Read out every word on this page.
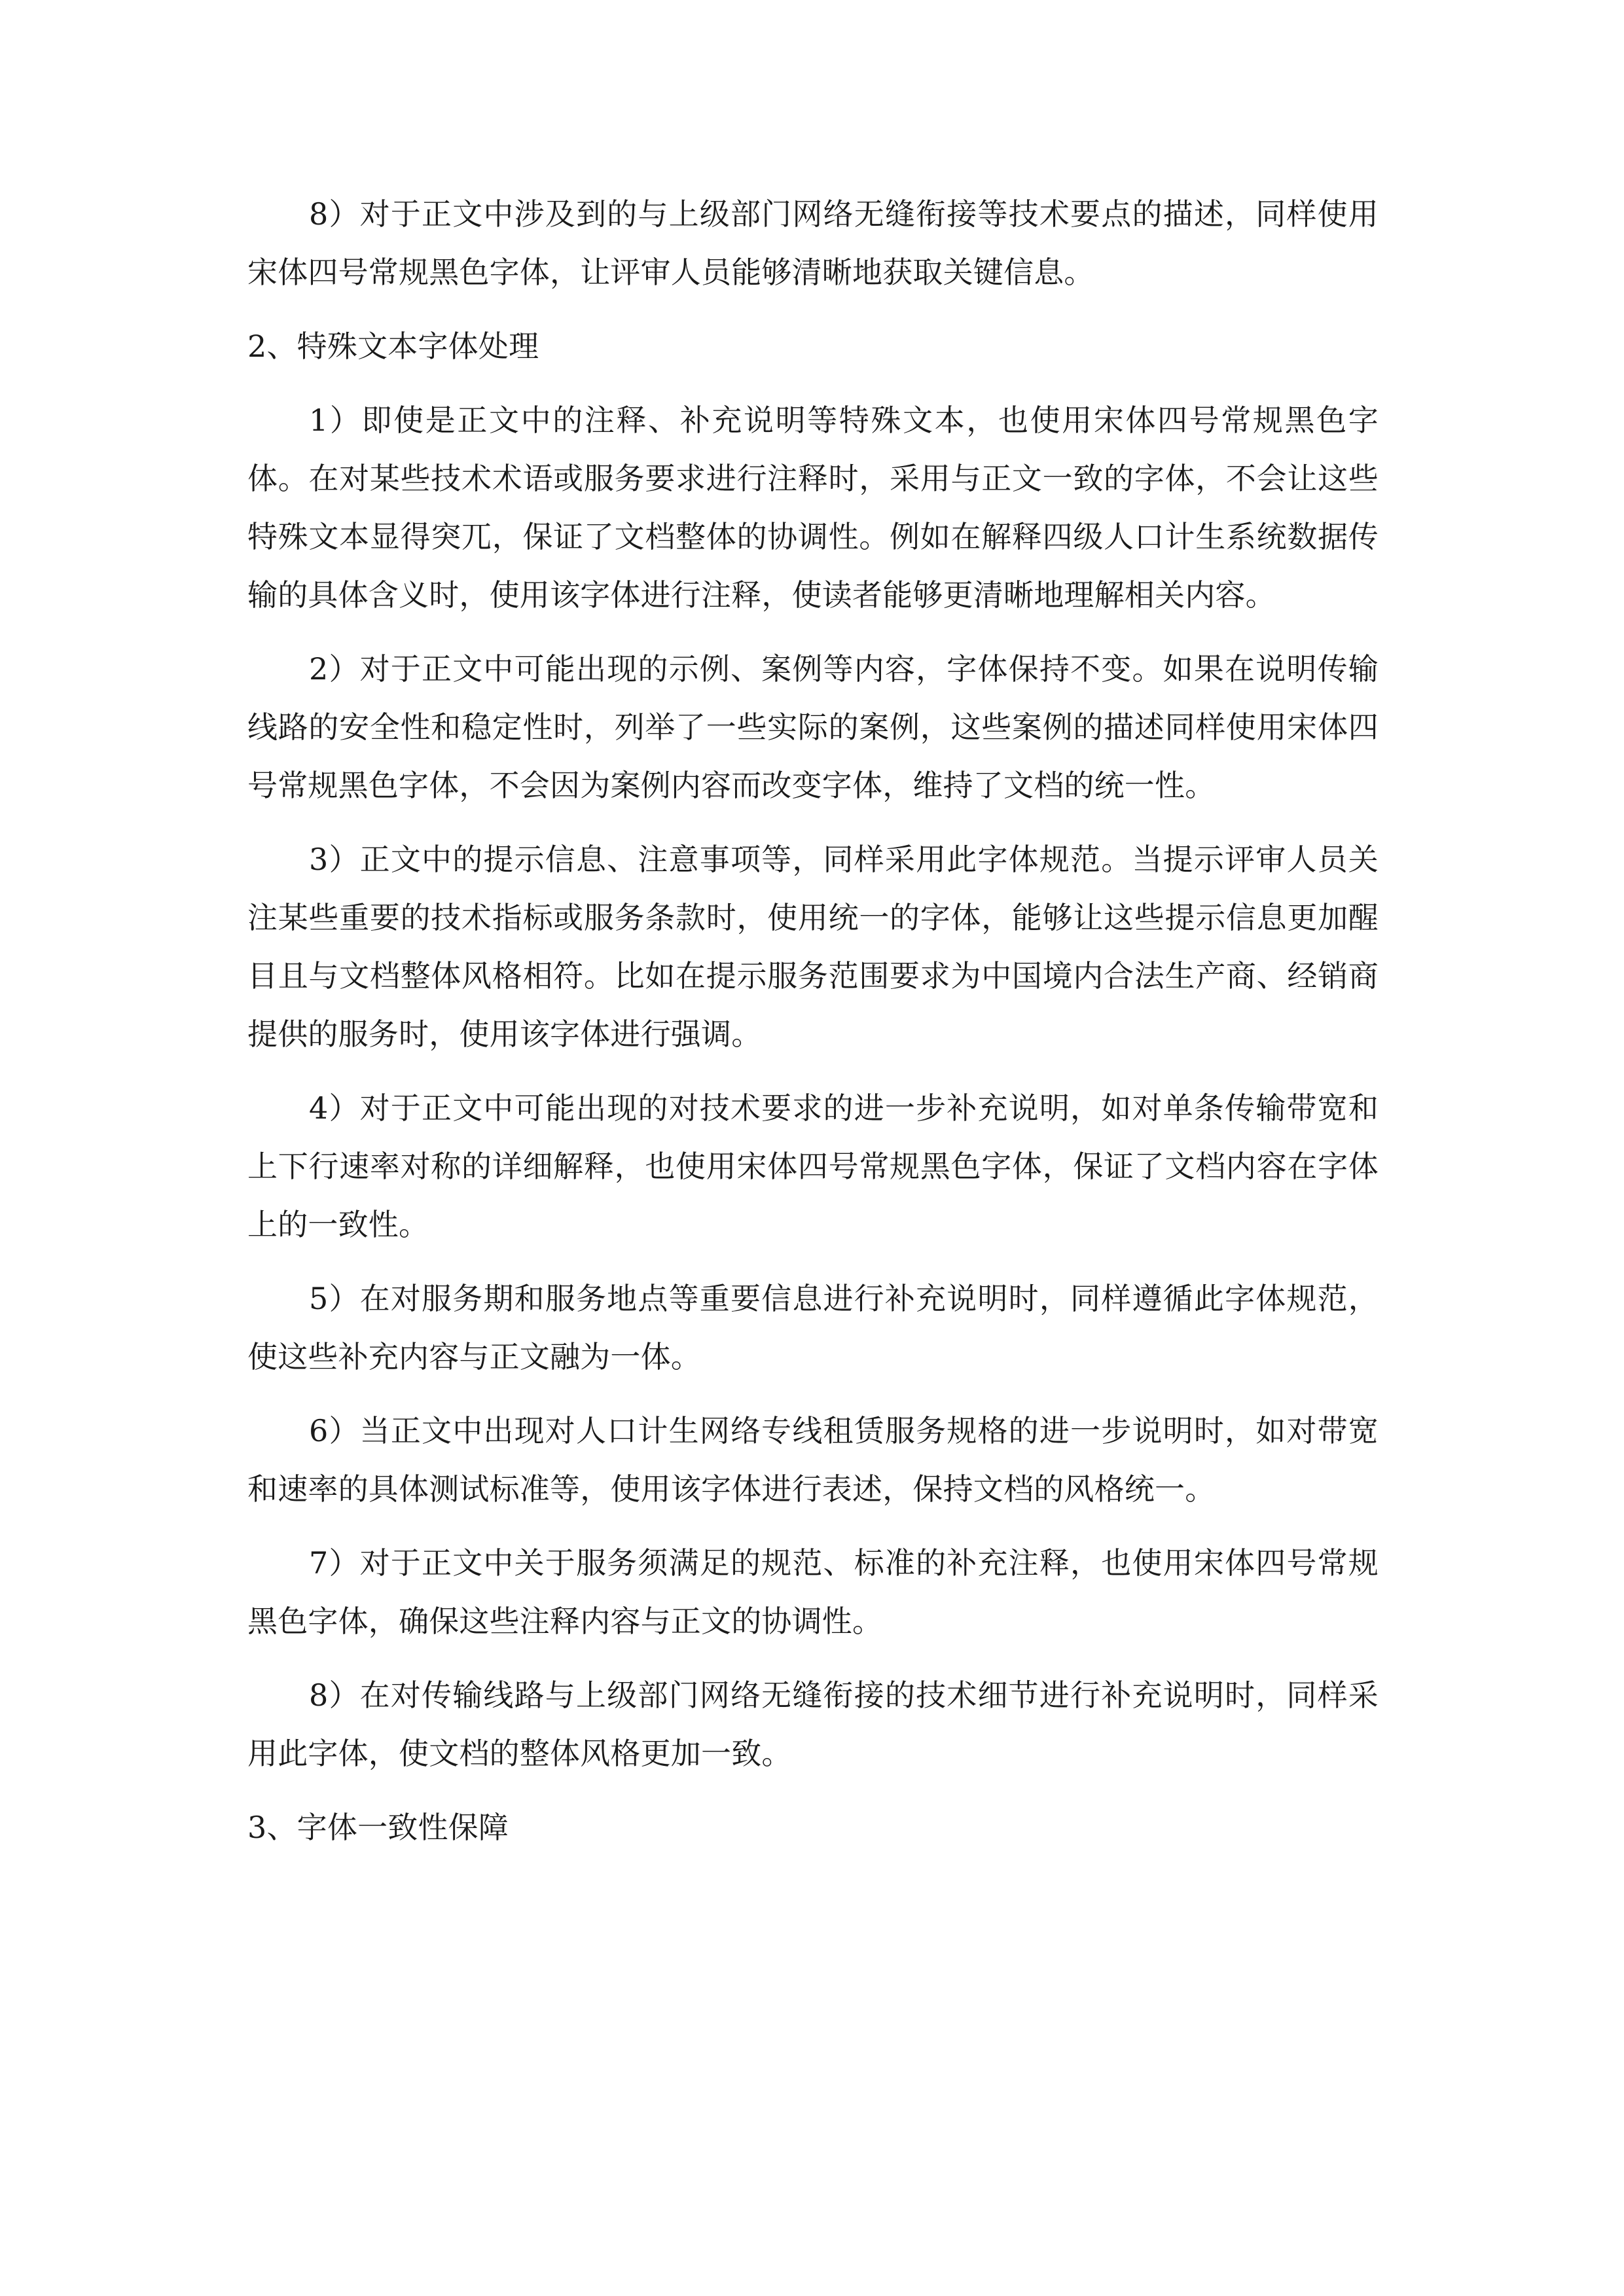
8）对于正文中涉及到的与上级部门网络无缝衔接等技术要点的描述，同样使用宋体四号常规黑色字体，让评审人员能够清晰地获取关键信息。

2、特殊文本字体处理

1）即使是正文中的注释、补充说明等特殊文本，也使用宋体四号常规黑色字体。在对某些技术术语或服务要求进行注释时，采用与正文一致的字体，不会让这些特殊文本显得突兀，保证了文档整体的协调性。例如在解释四级人口计生系统数据传输的具体含义时，使用该字体进行注释，使读者能够更清晰地理解相关内容。

2）对于正文中可能出现的示例、案例等内容，字体保持不变。如果在说明传输线路的安全性和稳定性时，列举了一些实际的案例，这些案例的描述同样使用宋体四号常规黑色字体，不会因为案例内容而改变字体，维持了文档的统一性。

3）正文中的提示信息、注意事项等，同样采用此字体规范。当提示评审人员关注某些重要的技术指标或服务条款时，使用统一的字体，能够让这些提示信息更加醒目且与文档整体风格相符。比如在提示服务范围要求为中国境内合法生产商、经销商提供的服务时，使用该字体进行强调。

4）对于正文中可能出现的对技术要求的进一步补充说明，如对单条传输带宽和上下行速率对称的详细解释，也使用宋体四号常规黑色字体，保证了文档内容在字体上的一致性。

5）在对服务期和服务地点等重要信息进行补充说明时，同样遵循此字体规范，使这些补充内容与正文融为一体。

6）当正文中出现对人口计生网络专线租赁服务规格的进一步说明时，如对带宽和速率的具体测试标准等，使用该字体进行表述，保持文档的风格统一。

7）对于正文中关于服务须满足的规范、标准的补充注释，也使用宋体四号常规黑色字体，确保这些注释内容与正文的协调性。

8）在对传输线路与上级部门网络无缝衔接的技术细节进行补充说明时，同样采用此字体，使文档的整体风格更加一致。

3、字体一致性保障
